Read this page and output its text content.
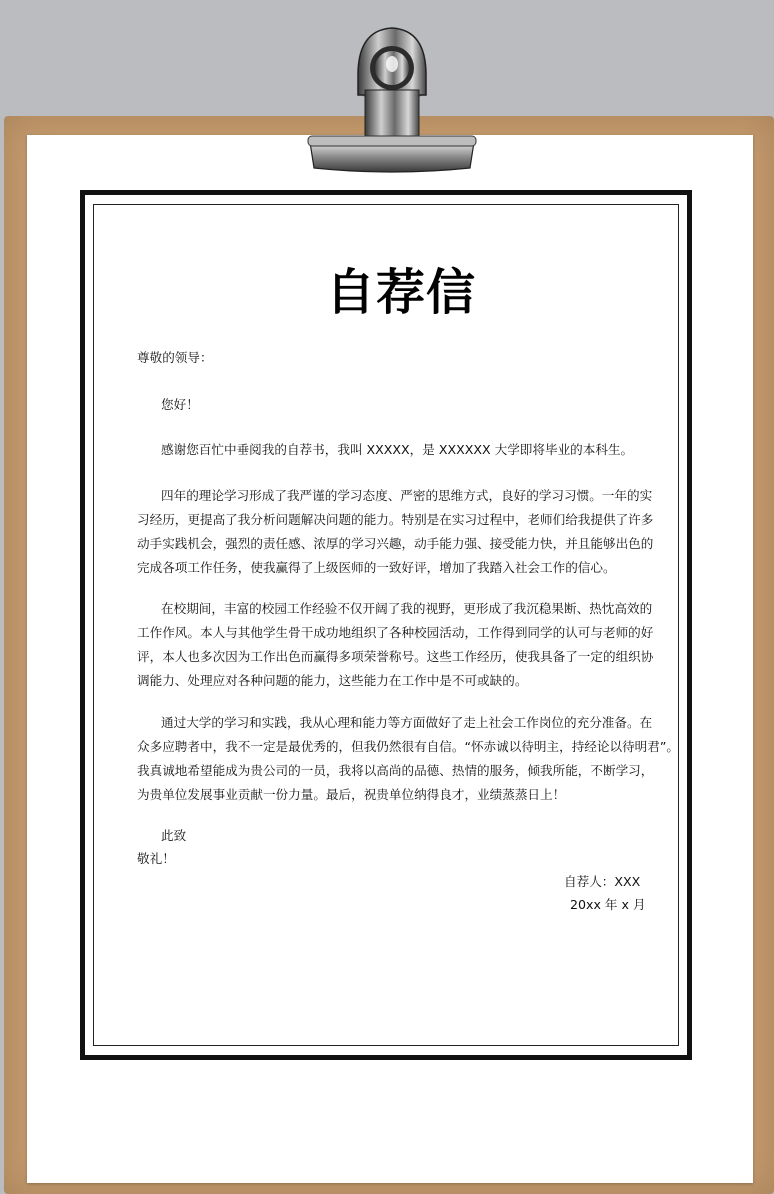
自荐信
尊敬的领导：
您好！
感谢您百忙中垂阅我的自荐书，我叫 XXXXX，是 XXXXXX 大学即将毕业的本科生。
四年的理论学习形成了我严谨的学习态度、严密的思维方式，良好的学习习惯。一年的实
习经历，更提高了我分析问题解决问题的能力。特别是在实习过程中，老师们给我提供了许多
动手实践机会，强烈的责任感、浓厚的学习兴趣，动手能力强、接受能力快，并且能够出色的
完成各项工作任务，使我赢得了上级医师的一致好评，增加了我踏入社会工作的信心。
在校期间，丰富的校园工作经验不仅开阔了我的视野，更形成了我沉稳果断、热忱高效的
工作作风。本人与其他学生骨干成功地组织了各种校园活动，工作得到同学的认可与老师的好
评，本人也多次因为工作出色而赢得多项荣誉称号。这些工作经历，使我具备了一定的组织协
调能力、处理应对各种问题的能力，这些能力在工作中是不可或缺的。
通过大学的学习和实践，我从心理和能力等方面做好了走上社会工作岗位的充分准备。在
众多应聘者中，我不一定是最优秀的，但我仍然很有自信。“怀赤诚以待明主，持经论以待明君”。
我真诚地希望能成为贵公司的一员，我将以高尚的品德、热情的服务，倾我所能，不断学习，
为贵单位发展事业贡献一份力量。最后，祝贵单位纳得良才，业绩蒸蒸日上！
此致
敬礼！
自荐人：XXX
20xx 年 x 月
